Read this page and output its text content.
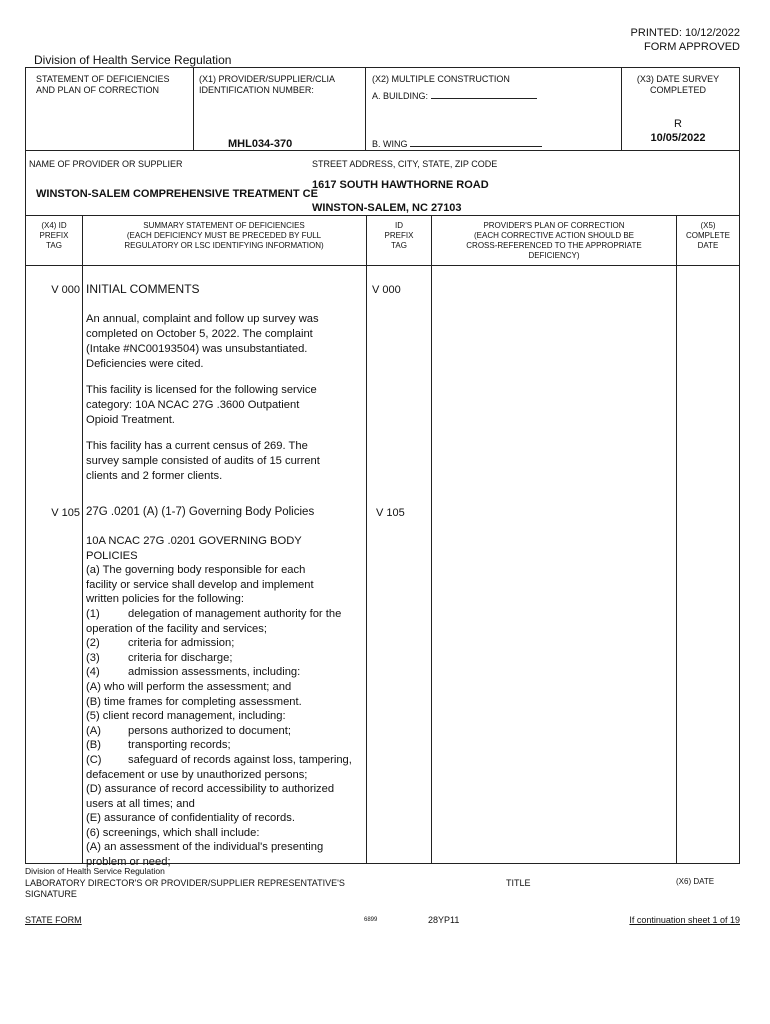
PRINTED: 10/12/2022
FORM APPROVED
Division of Health Service Regulation
STATEMENT OF DEFICIENCIES
AND PLAN OF CORRECTION
(X1) PROVIDER/SUPPLIER/CLIA
IDENTIFICATION NUMBER:
MHL034-370
(X2) MULTIPLE CONSTRUCTION
A. BUILDING:
B. WING
(X3) DATE SURVEY
COMPLETED
R
10/05/2022
NAME OF PROVIDER OR SUPPLIER
WINSTON-SALEM COMPREHENSIVE TREATMENT CE
STREET ADDRESS, CITY, STATE, ZIP CODE
1617 SOUTH HAWTHORNE ROAD
WINSTON-SALEM, NC 27103
(X4) ID
PREFIX
TAG
SUMMARY STATEMENT OF DEFICIENCIES
(EACH DEFICIENCY MUST BE PRECEDED BY FULL
REGULATORY OR LSC IDENTIFYING INFORMATION)
ID
PREFIX
TAG
PROVIDER'S PLAN OF CORRECTION
(EACH CORRECTIVE ACTION SHOULD BE
CROSS-REFERENCED TO THE APPROPRIATE
DEFICIENCY)
(X5)
COMPLETE
DATE
V 000 INITIAL COMMENTS	V 000
An annual, complaint and follow up survey was
completed on October 5, 2022. The complaint
(Intake #NC00193504) was unsubstantiated.
Deficiencies were cited.
This facility is licensed for the following service
category: 10A NCAC 27G .3600 Outpatient
Opioid Treatment.
This facility has a current census of 269. The
survey sample consisted of audits of 15 current
clients and 2 former clients.
V 105 27G .0201 (A) (1-7) Governing Body Policies	V 105
10A NCAC 27G .0201 GOVERNING BODY
POLICIES
(a) The governing body responsible for each
facility or service shall develop and implement
written policies for the following:
(1)	delegation of management authority for the
operation of the facility and services;
(2)	criteria for admission;
(3)	criteria for discharge;
(4)	admission assessments, including:
(A) who will perform the assessment; and
(B) time frames for completing assessment.
(5) client record management, including:
(A) persons authorized to document;
(B) transporting records;
(C) safeguard of records against loss, tampering,
defacement or use by unauthorized persons;
(D) assurance of record accessibility to authorized
users at all times; and
(E) assurance of confidentiality of records.
(6) screenings, which shall include:
(A) an assessment of the individual's presenting
problem or need;
Division of Health Service Regulation
LABORATORY DIRECTOR'S OR PROVIDER/SUPPLIER REPRESENTATIVE'S
SIGNATURE
TITLE	(X6) DATE
STATE FORM	6899	28YP11	If continuation sheet 1 of 19
